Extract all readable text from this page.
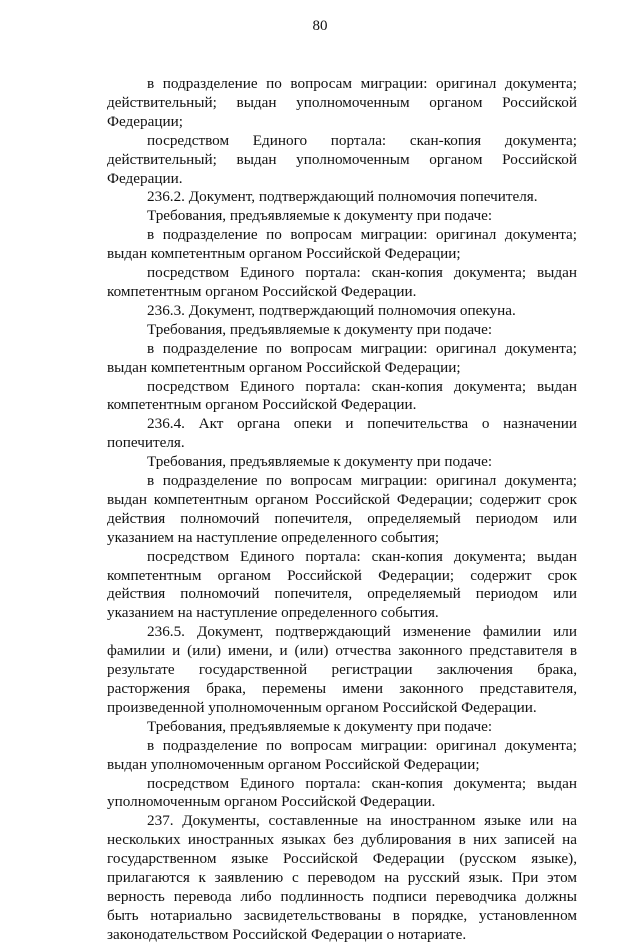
80

в подразделение по вопросам миграции: оригинал документа; действительный; выдан уполномоченным органом Российской Федерации;

посредством Единого портала: скан-копия документа; действительный; выдан уполномоченным органом Российской Федерации.

236.2. Документ, подтверждающий полномочия попечителя.

Требования, предъявляемые к документу при подаче:

в подразделение по вопросам миграции: оригинал документа; выдан компетентным органом Российской Федерации;

посредством Единого портала: скан-копия документа; выдан компетентным органом Российской Федерации.

236.3. Документ, подтверждающий полномочия опекуна.

Требования, предъявляемые к документу при подаче:

в подразделение по вопросам миграции: оригинал документа; выдан компетентным органом Российской Федерации;

посредством Единого портала: скан-копия документа; выдан компетентным органом Российской Федерации.

236.4. Акт органа опеки и попечительства о назначении попечителя.

Требования, предъявляемые к документу при подаче:

в подразделение по вопросам миграции: оригинал документа; выдан компетентным органом Российской Федерации; содержит срок действия полномочий попечителя, определяемый периодом или указанием на наступление определенного события;

посредством Единого портала: скан-копия документа; выдан компетентным органом Российской Федерации; содержит срок действия полномочий попечителя, определяемый периодом или указанием на наступление определенного события.

236.5. Документ, подтверждающий изменение фамилии или фамилии и (или) имени, и (или) отчества законного представителя в результате государственной регистрации заключения брака, расторжения брака, перемены имени законного представителя, произведенной уполномоченным органом Российской Федерации.

Требования, предъявляемые к документу при подаче:

в подразделение по вопросам миграции: оригинал документа; выдан уполномоченным органом Российской Федерации;

посредством Единого портала: скан-копия документа; выдан уполномоченным органом Российской Федерации.

237. Документы, составленные на иностранном языке или на нескольких иностранных языках без дублирования в них записей на государственном языке Российской Федерации (русском языке), прилагаются к заявлению с переводом на русский язык. При этом верность перевода либо подлинность подписи переводчика должны быть нотариально засвидетельствованы в порядке, установленном законодательством Российской Федерации о нотариате.
